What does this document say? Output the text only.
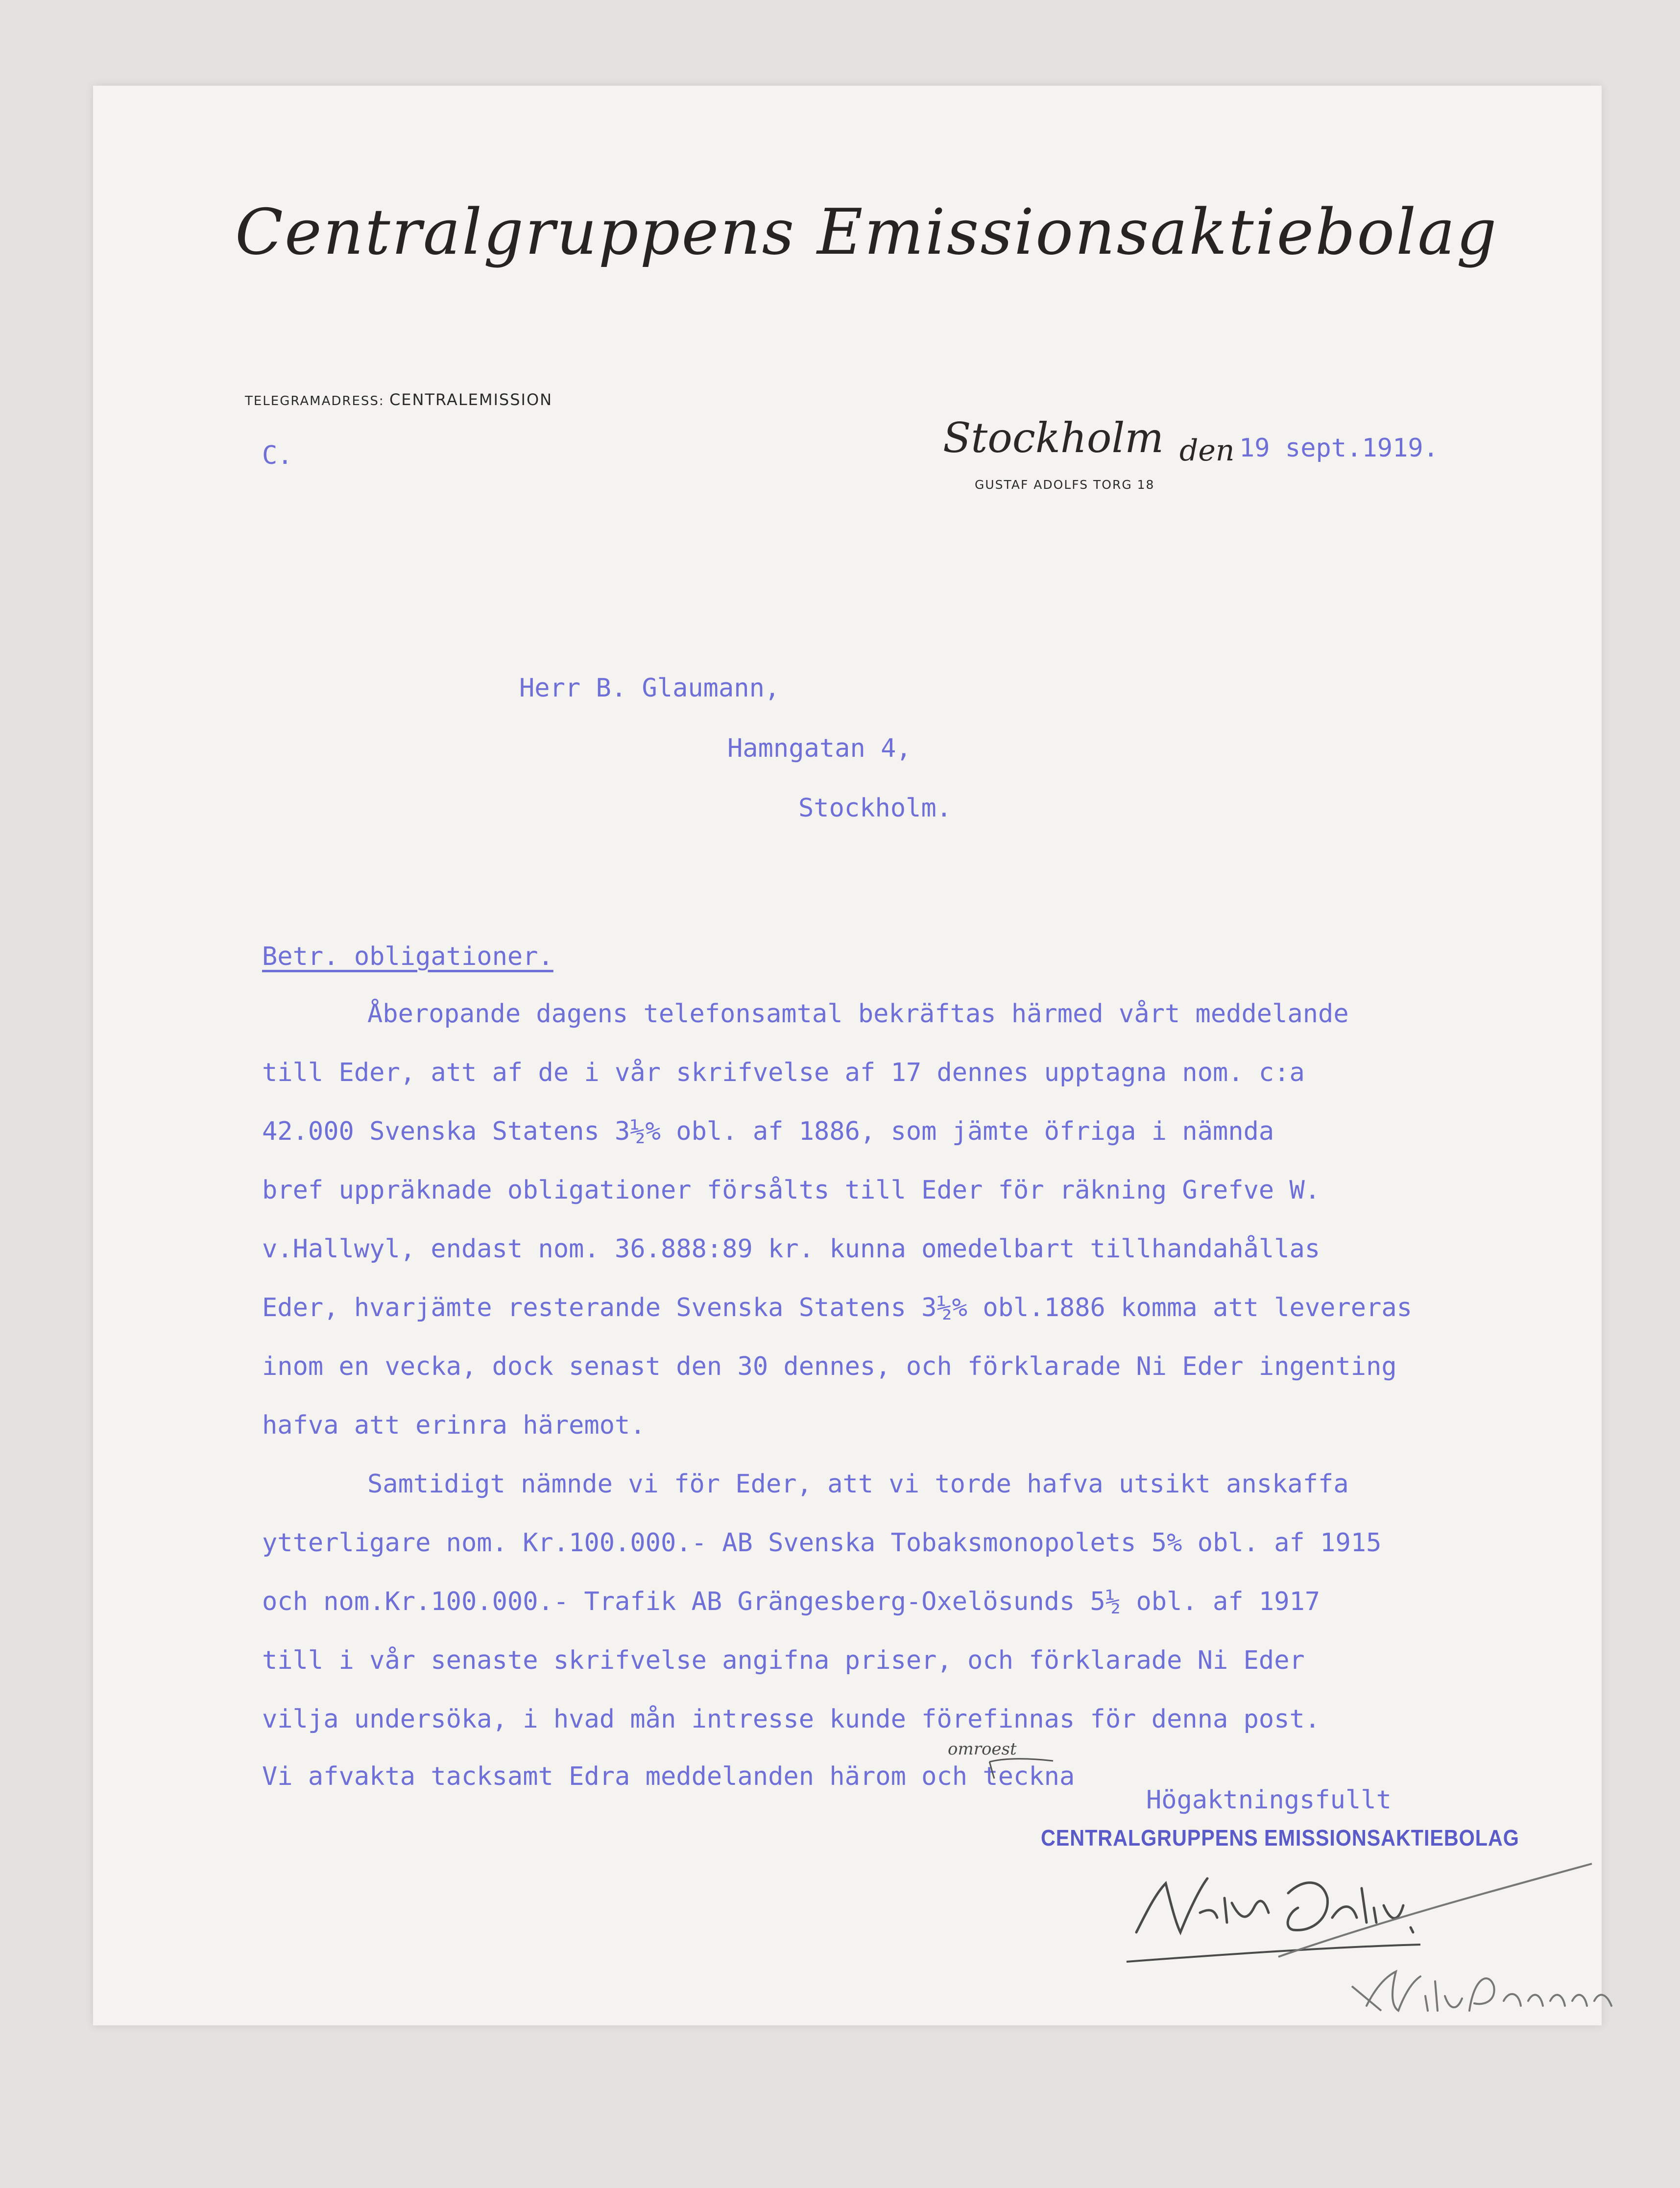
Centralgruppens Emissionsaktiebolag
TELEGRAMADRESS: CENTRALEMISSION
C.	Stockholm den 19 sept.1919.
GUSTAF ADOLFS TORG 18
Herr B. Glaumann,
Hamngatan 4,
Stockholm.
Betr. obligationer.
Åberopande dagens telefonsamtal bekräftas härmed vårt meddelande
till Eder, att af de i vår skrifvelse af 17 dennes upptagna nom. c:a
42.000 Svenska Statens 3½% obl. af 1886, som jämte öfriga i nämnda
bref uppräknade obligationer försålts till Eder för räkning Grefve W.
v.Hallwyl, endast nom. 36.888:89 kr. kunna omedelbart tillhandahållas
Eder, hvarjämte resterande Svenska Statens 3½% obl.1886 komma att levereras
inom en vecka, dock senast den 30 dennes, och förklarade Ni Eder ingenting
hafva att erinra häremot.
Samtidigt nämnde vi för Eder, att vi torde hafva utsikt anskaffa
ytterligare nom. Kr.100.000.- AB Svenska Tobaksmonopolets 5% obl. af 1915
och nom.Kr.100.000.- Trafik AB Grängesberg-Oxelösunds 5½ obl. af 1917
till i vår senaste skrifvelse angifna priser, och förklarade Ni Eder
vilja undersöka, i hvad mån intresse kunde förefinnas för denna post.
Vi afvakta tacksamt Edra meddelanden härom och teckna
omroest
Högaktningsfullt
CENTRALGRUPPENS EMISSIONSAKTIEBOLAG
